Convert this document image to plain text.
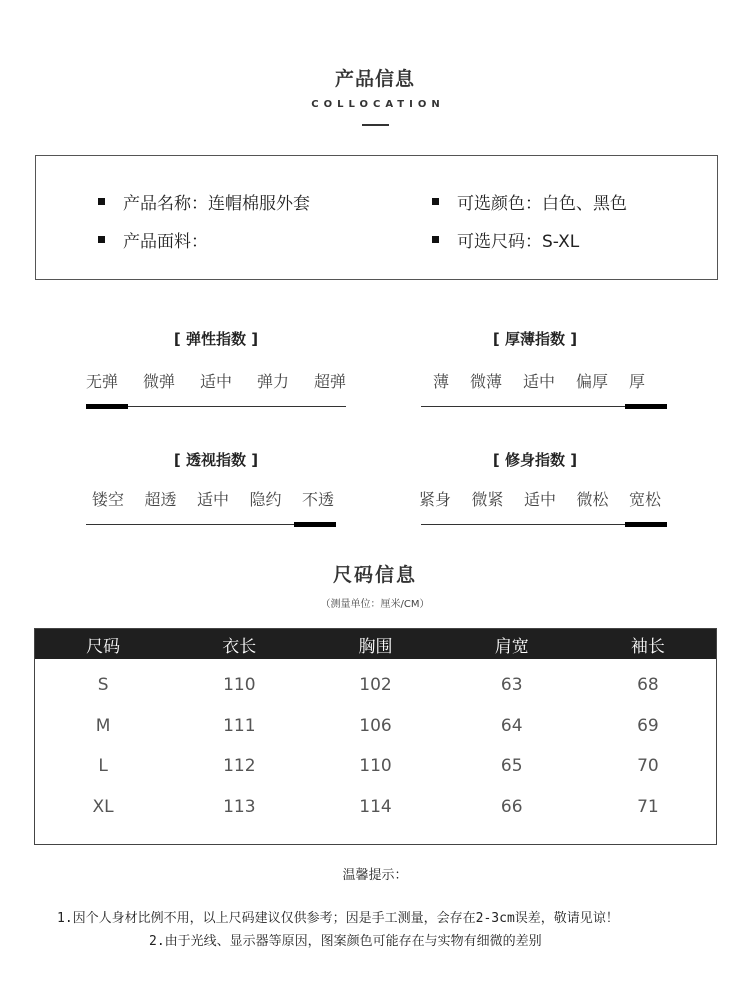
产品信息
COLLOCATION
产品名称：连帽棉服外套
产品面料：
可选颜色：白色、黑色
可选尺码：S-XL
[ 弹性指数 ]
无弹 微弹 适中 弹力 超弹
[ 厚薄指数 ]
薄 微薄 适中 偏厚 厚
[ 透视指数 ]
镂空 超透 适中 隐约 不透
[ 修身指数 ]
紧身 微紧 适中 微松 宽松
尺码信息
（测量单位：厘米/CM）
尺码	衣长	胸围	肩宽	袖长
S	110	102	63	68
M	111	106	64	69
L	112	110	65	70
XL	113	114	66	71
温馨提示：
1.因个人身材比例不用，以上尺码建议仅供参考；因是手工测量，会存在2-3cm误差，敬请见谅！
2.由于光线、显示器等原因，图案颜色可能存在与实物有细微的差别
